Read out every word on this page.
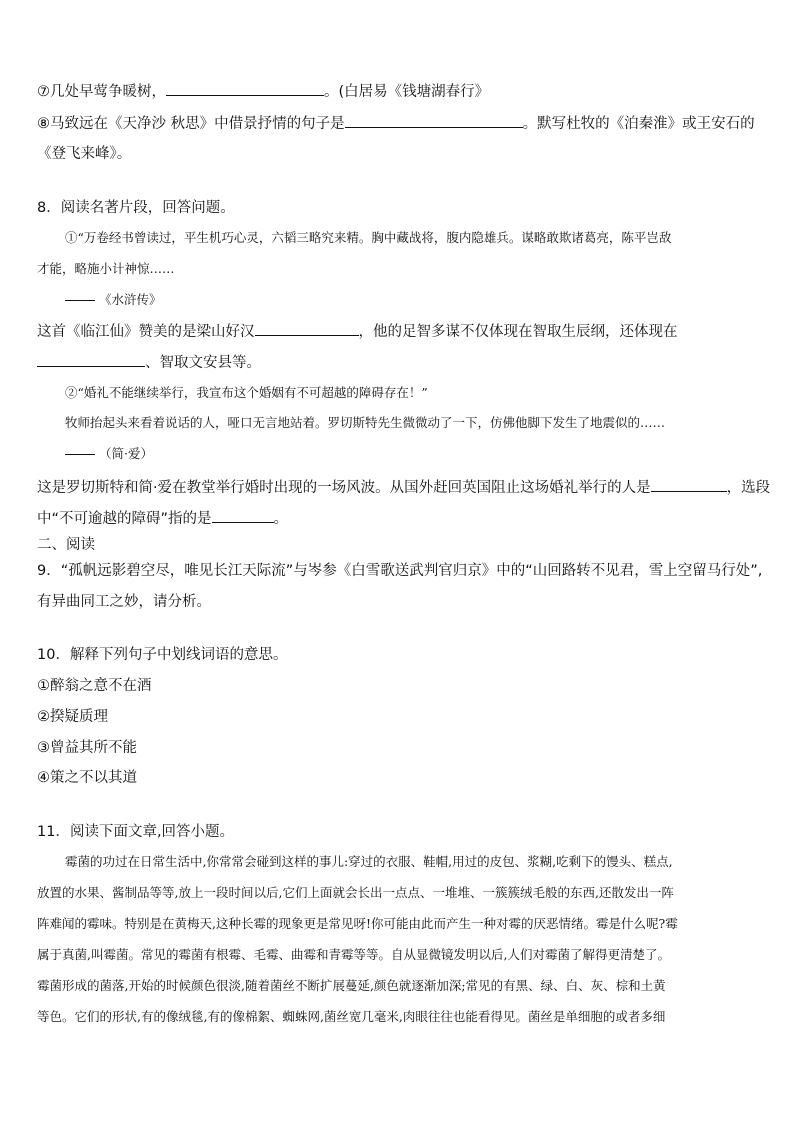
⑦几处早莺争暖树，	。(白居易《钱塘湖春行》
⑧马致远在《天净沙 秋思》中借景抒情的句子是	。默写杜牧的《泊秦淮》或王安石的
《登飞来峰》。
8．阅读名著片段，回答问题。
①“万卷经书曾读过，平生机巧心灵，六韬三略究来精。胸中藏战将，腹内隐雄兵。谋略敢欺诸葛亮，陈平岂敌
才能，略施小计神惊……
《水浒传》
这首《临江仙》赞美的是梁山好汉	，他的足智多谋不仅体现在智取生辰纲，还体现在
、智取文安县等。
②“婚礼不能继续举行，我宣布这个婚姻有不可超越的障碍存在！”
牧师抬起头来看着说话的人，哑口无言地站着。罗切斯特先生微微动了一下，仿佛他脚下发生了地震似的……
（简·爱）
这是罗切斯特和简·爱在教堂举行婚时出现的一场风波。从国外赶回英国阻止这场婚礼举行的人是	，选段
中“不可逾越的障碍”指的是	。
二、阅读
9．“孤帆远影碧空尽，唯见长江天际流”与岑参《白雪歌送武判官归京》中的“山回路转不见君，雪上空留马行处”,
有异曲同工之妙，请分析。
10．解释下列句子中划线词语的意思。
①醉翁之意不在酒
②揆疑质理
③曾益其所不能
④策之不以其道
11．阅读下面文章,回答小题。
霉菌的功过在日常生活中,你常常会碰到这样的事儿:穿过的衣服、鞋帽,用过的皮包、浆糊,吃剩下的馒头、糕点,
放置的水果、酱制品等等,放上一段时间以后,它们上面就会长出一点点、一堆堆、一簇簇绒毛般的东西,还散发出一阵
阵难闻的霉味。特别是在黄梅天,这种长霉的现象更是常见呀!你可能由此而产生一种对霉的厌恶情绪。霉是什么呢?霉
属于真菌,叫霉菌。常见的霉菌有根霉、毛霉、曲霉和青霉等等。自从显微镜发明以后,人们对霉菌了解得更清楚了。
霉菌形成的菌落,开始的时候颜色很淡,随着菌丝不断扩展蔓延,颜色就逐渐加深;常见的有黑、绿、白、灰、棕和土黄
等色。它们的形状,有的像绒毯,有的像棉絮、蜘蛛网,菌丝宽几毫米,肉眼往往也能看得见。菌丝是单细胞的或者多细
